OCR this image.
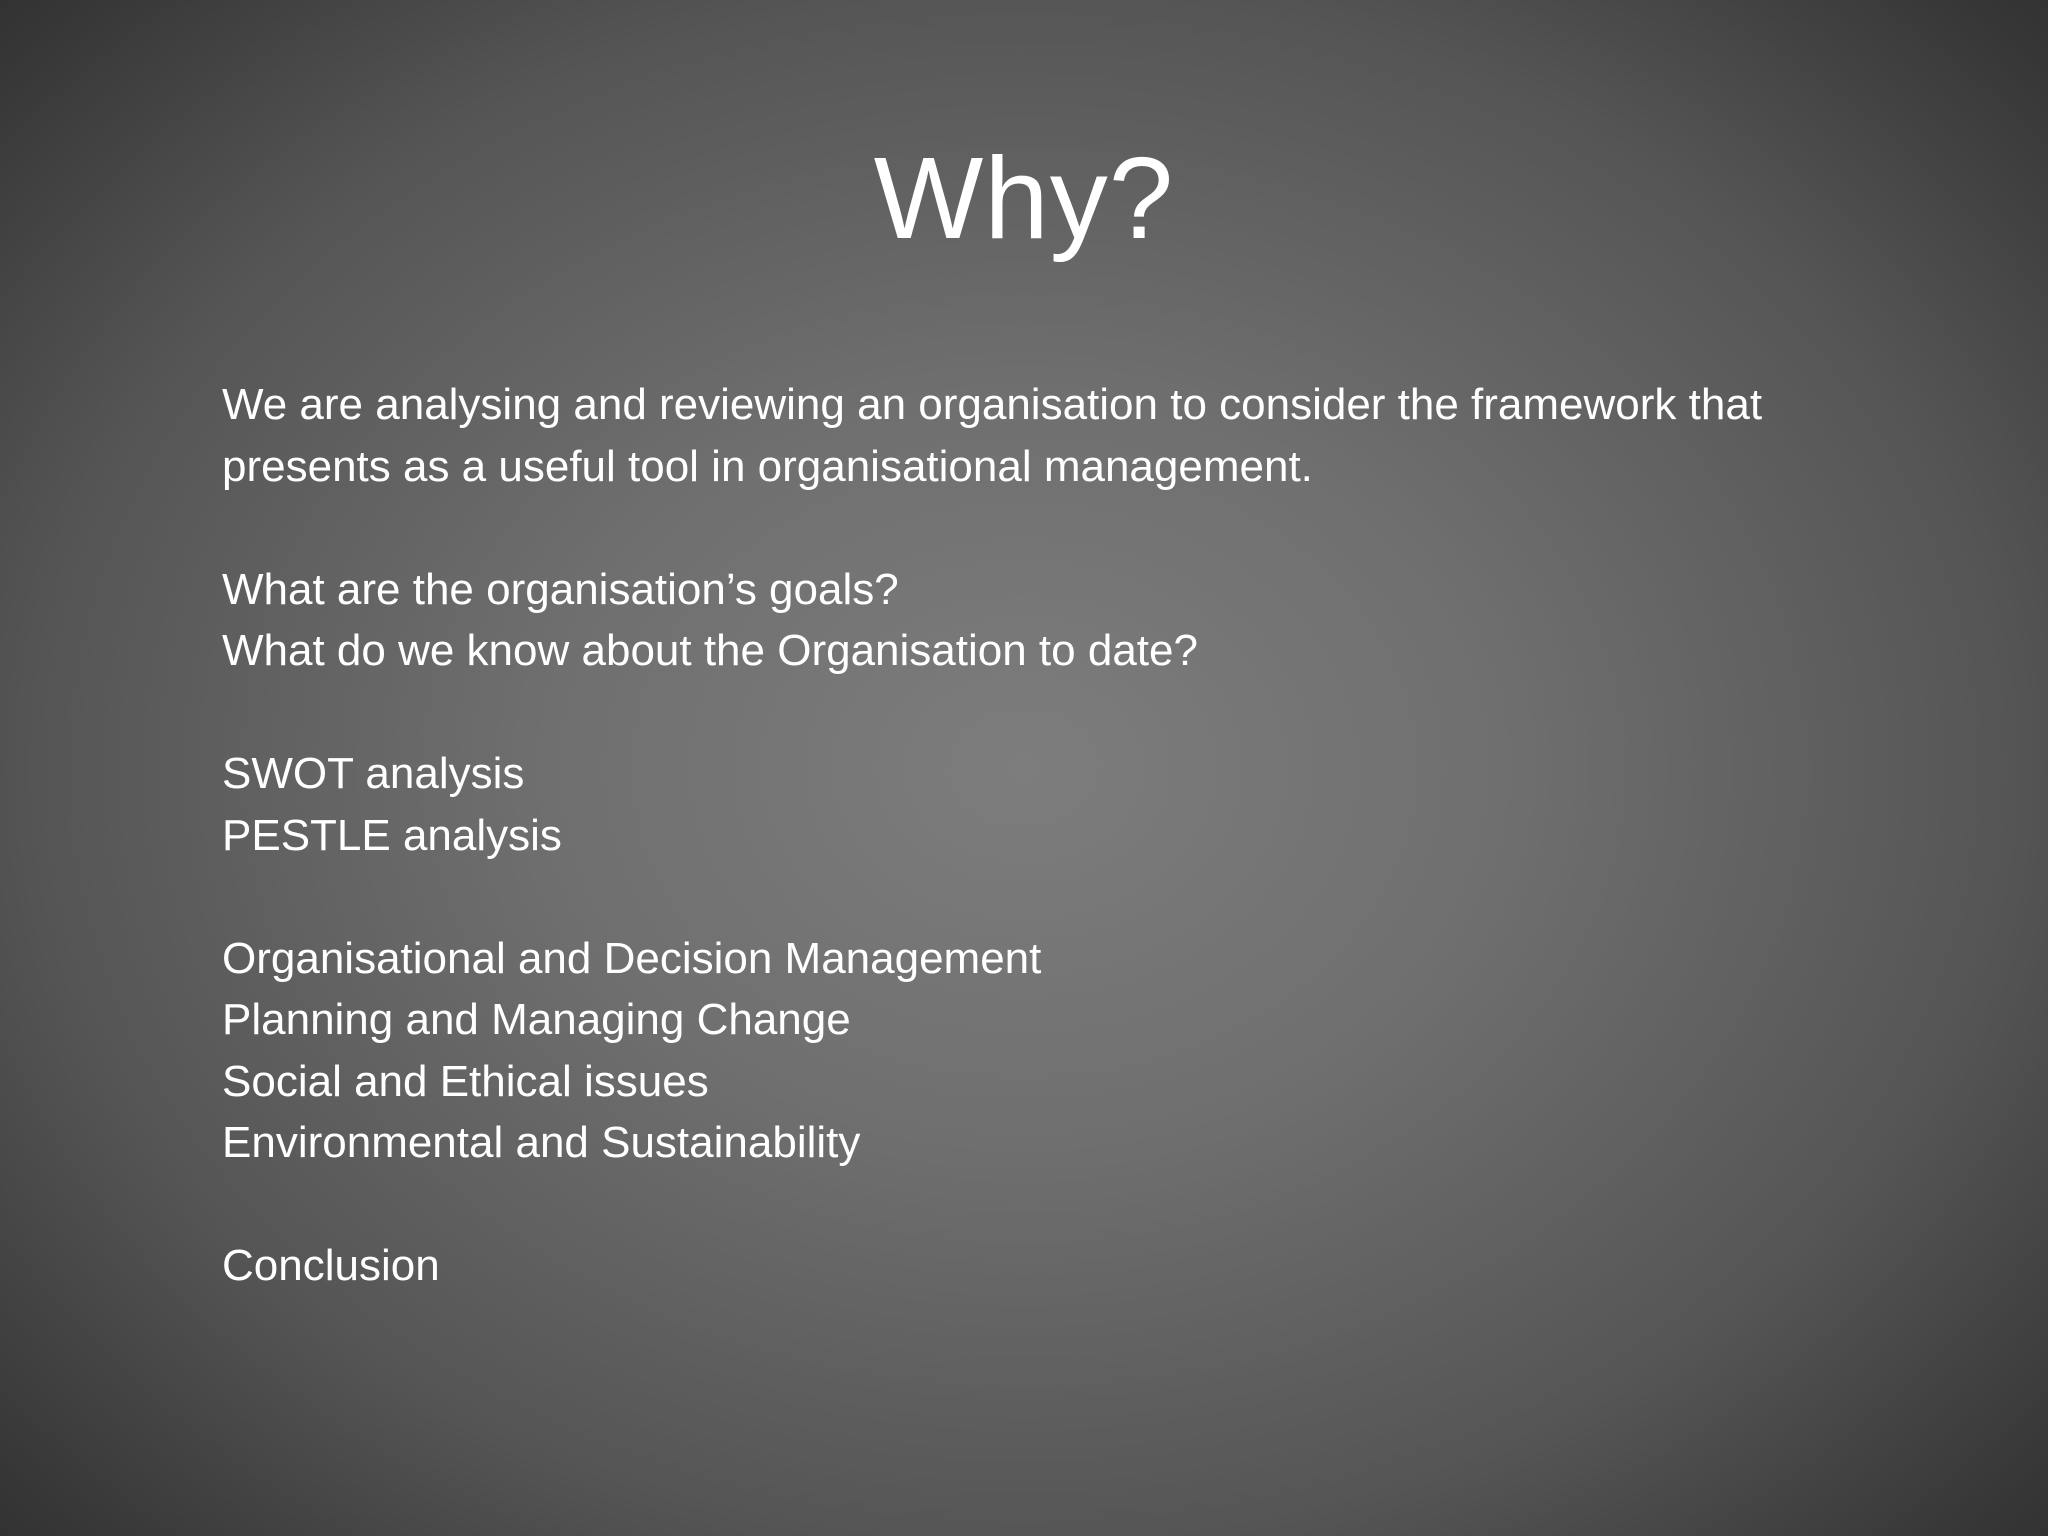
Why?
We are analysing and reviewing an organisation to consider the framework that
presents as a useful tool in organisational management.
What are the organisation’s goals?
What do we know about the Organisation to date?
SWOT analysis
PESTLE analysis
Organisational and Decision Management
Planning and Managing Change
Social and Ethical issues
Environmental and Sustainability
Conclusion
